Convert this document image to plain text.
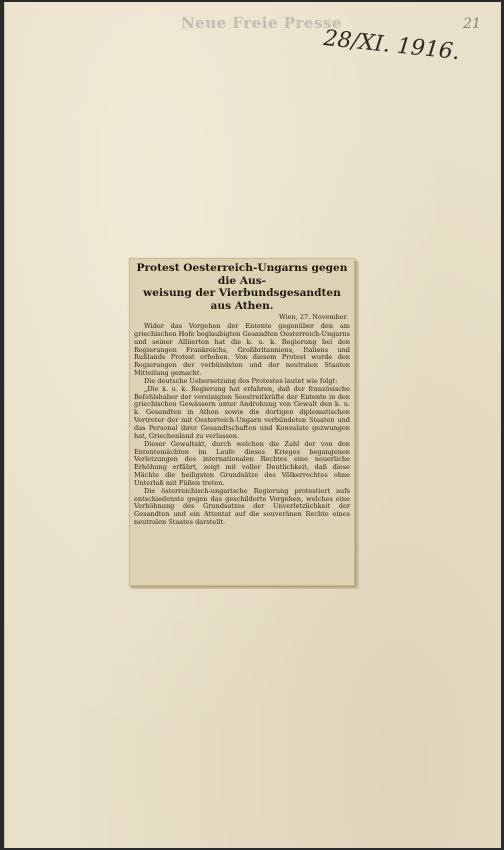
Neue Freie Presse
28/XI. 1916.
21

Protest Oesterreich-Ungarns gegen die Aus-
weisung der Vierbundsgesandten aus Athen.

Wien, 27. November.

Wider das Vorgehen der Entente gegenüber den am griechischen Hofe beglaubigten Gesandten Oesterreich-Ungarns und seiner Alliierten hat die k. u. k. Regierung bei den Regierungen Frankreichs, Großbritanniens, Italiens und Rußlands Protest erhoben. Von diesem Protest wurde den Regierungen der verbündeten und der neutralen Staaten Mitteilung gemacht.

Die deutsche Uebersetzung des Protestes lautet wie folgt:

„Die k. u. k. Regierung hat erfahren, daß der französische Befehlshaber der vereinigten Seestreitkräfte der Entente in den griechischen Gewässern unter Androhung von Gewalt den k. u. k. Gesandten in Athen sowie die dortigen diplomatischen Vertreter der mit Oesterreich-Ungarn verbündeten Staaten und das Personal ihrer Gesandtschaften und Konsulate gezwungen hat, Griechenland zu verlassen.

Dieser Gewaltakt, durch welchen die Zahl der von den Ententemächten im Laufe dieses Krieges begangenen Verletzungen des internationalen Rechtes eine neuerliche Erhöhung erfährt, zeigt mit voller Deutlichkeit, daß diese Mächte die heiligsten Grundsätze des Völkerrechtes ohne Unterlaß mit Füßen treten.

Die österreichisch-ungarische Regierung protestiert aufs entschiedenste gegen das geschilderte Vorgehen, welches eine Verhöhnung des Grundsatzes der Unverletzlichkeit der Gesandten und ein Attentat auf die souveränen Rechte eines neutralen Staates darstellt.
